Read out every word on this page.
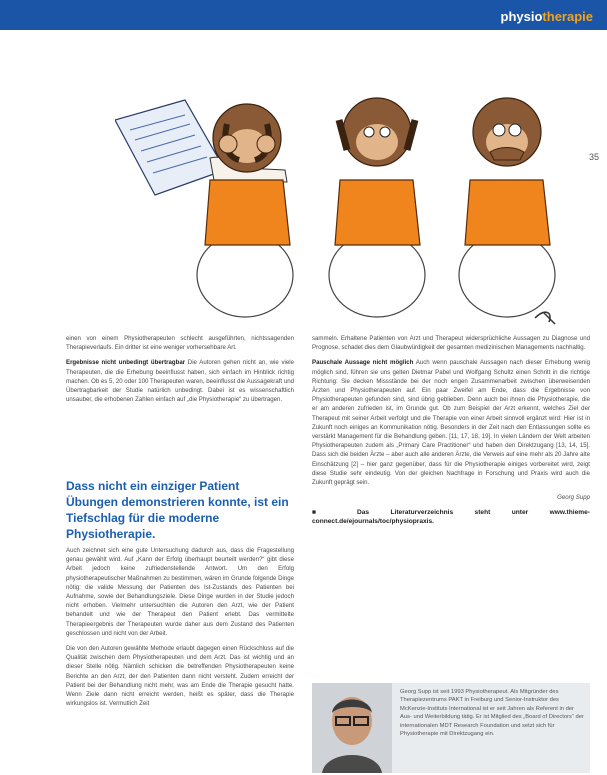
physiotherapie
35

einen von einem Physiotherapeuten schlecht ausgeführten, nichtssagenden Therapieverlaufs. Ein dritter ist eine weniger vorhersehbare Art.

Ergebnisse nicht unbedingt übertragbar Die Autoren gehen nicht an, wie viele Therapeuten, die die Erhebung beeinflusst haben, sich einfach im Hinblick richtig machen. Ob es 5, 20 oder 100 Therapeuten waren, beeinflusst die Aussagekraft und Übertragbarkeit der Studie natürlich unbedingt. Dabei ist es wissenschaftlich unsauber, die erhobenen Zahlen einfach auf „die Physiotherapie“ zu übertragen.

Dass nicht ein einziger Patient Übungen demonstrieren konnte, ist ein Tiefschlag für die moderne Physiotherapie.

Auch zeichnet sich eine gute Untersuchung dadurch aus, dass die Fragestellung genau gewählt wird. Auf „Kann der Erfolg überhaupt beurteilt werden?“ gibt diese Arbeit jedoch keine zufriedenstellende Antwort. Um den Erfolg physiotherapeutischer Maßnahmen zu bestimmen, wären im Grunde folgende Dinge nötig: die valide Messung der Patienten des Ist-Zustands des Patienten bei Aufnahme, sowie der Behandlungsziele. Diese Dinge wurden in der Studie jedoch nicht erhoben. Vielmehr untersuchten die Autoren den Arzt, wie der Patient behandelt und wie der Therapeut den Patient erlebt. Das vermittelte Therapieergebnis der Therapeuten wurde daher aus dem Zustand des Patienten geschlossen und nicht von der Arbeit.

Die von den Autoren gewählte Methode erlaubt dagegen einen Rückschluss auf die Qualität zwischen dem Physiotherapeuten und dem Arzt. Das ist wichtig und an dieser Stelle nötig. Nämlich schicken die betreffenden Physiotherapeuten keine Berichte an den Arzt, der den Patienten dann nicht versteht. Zudem erreicht der Patient bei der Behandlung nicht mehr, was am Ende die Therapie gesucht hatte. Wenn Ziele dann nicht erreicht werden, heißt es später, dass die Therapie wirkungslos ist. Vermutlich Zeit

sammeln. Erhaltene Patienten von Arzt und Therapeut widersprüchliche Aussagen zu Diagnose und Prognose, schadet dies dem Glaubwürdigkeit der gesamten medizinischen Managements nachhaltig.

Pauschale Aussage nicht möglich Auch wenn pauschale Aussagen nach dieser Erhebung wenig möglich sind, führen sie uns gelten Dietmar Pabel und Wolfgang Schultz einen Schritt in die richtige Richtung: Sie decken Missstände bei der noch engen Zusammenarbeit zwischen überweisenden Ärzten und Physiotherapeuten auf. Ein paar Zweifel am Ende, dass die Ergebnisse von Physiotherapeuten gefunden sind, sind übrig geblieben. Denn auch bei ihnen die Physiotherapie, die er am anderen zufrieden ist, im Grunde gut. Ob zum Beispiel der Arzt erkennt, welches Ziel der Therapeut mit seiner Arbeit verfolgt und die Therapie von einer Arbeit sinnvoll ergänzt wird: Hier ist in Zukunft noch einiges an Kommunikation nötig. Besonders in der Zeit nach den Entlassungen sollte es verstärkt Management für die Behandlung geben. [11, 17, 18, 19]. In vielen Ländern der Welt arbeiten Physiotherapeuten zudem als „Primary Care Practitioner“ und haben den Direktzugang [13, 14, 15]. Dass sich die beiden Ärzte – aber auch alle anderen Ärzte, die Verweis auf eine mehr als 20 Jahre alte Einschätzung [2] – hier ganz gegenüber, dass für die Physiotherapie einiges vorbereitet wird, zeigt diese Studie sehr eindeutig. Von der gleichen Nachfrage in Forschung und Praxis wird auch die Zukunft geprägt sein.

Georg Supp

■ Das Literaturverzeichnis steht unter www.thieme-connect.de/ejournals/toc/physiopraxis.

Georg Supp ist seit 1993 Physiotherapeut. Als Mitgründer des Therapiezentrums PAKT in Freiburg und Senior-Instruktor des McKenzie-Instituts International ist er seit Jahren als Referent in der Aus- und Weiterbildung tätig. Er ist Mitglied des „Board of Directors“ der internationalen MDT Research Foundation und setzt sich für Physiotherapie mit Direktzugang ein.
